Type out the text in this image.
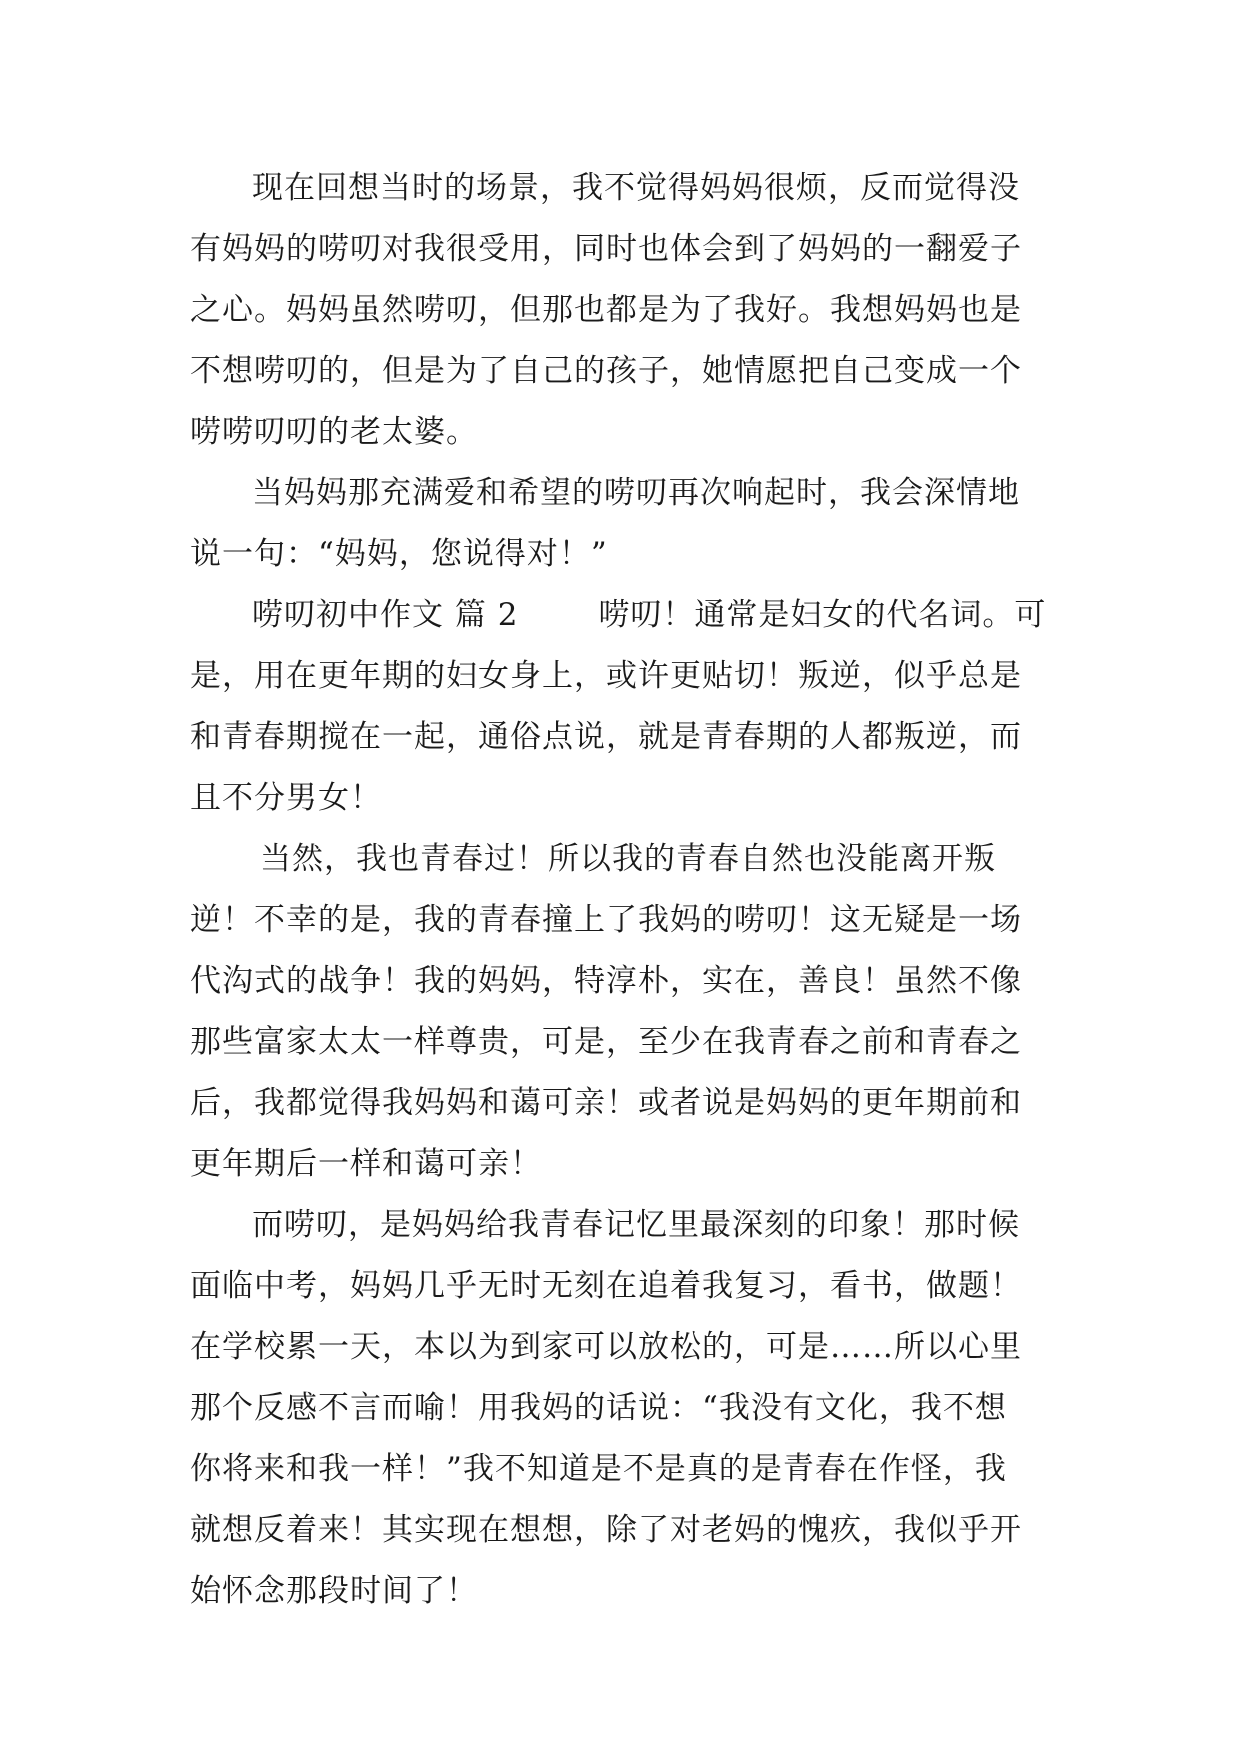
现在回想当时的场景，我不觉得妈妈很烦，反而觉得没
有妈妈的唠叨对我很受用，同时也体会到了妈妈的一翻爱子
之心。妈妈虽然唠叨，但那也都是为了我好。我想妈妈也是
不想唠叨的，但是为了自己的孩子，她情愿把自己变成一个
唠唠叨叨的老太婆。
当妈妈那充满爱和希望的唠叨再次响起时，我会深情地
说一句：“妈妈，您说得对！”
唠叨初中作文 篇 2	唠叨！通常是妇女的代名词。可
是，用在更年期的妇女身上，或许更贴切！叛逆，似乎总是
和青春期搅在一起，通俗点说，就是青春期的人都叛逆，而
且不分男女！
当然，我也青春过！所以我的青春自然也没能离开叛
逆！不幸的是，我的青春撞上了我妈的唠叨！这无疑是一场
代沟式的战争！我的妈妈，特淳朴，实在，善良！虽然不像
那些富家太太一样尊贵，可是，至少在我青春之前和青春之
后，我都觉得我妈妈和蔼可亲！或者说是妈妈的更年期前和
更年期后一样和蔼可亲！
而唠叨，是妈妈给我青春记忆里最深刻的印象！那时候
面临中考，妈妈几乎无时无刻在追着我复习，看书，做题！
在学校累一天，本以为到家可以放松的，可是……所以心里
那个反感不言而喻！用我妈的话说：“我没有文化，我不想
你将来和我一样！”我不知道是不是真的是青春在作怪，我
就想反着来！其实现在想想，除了对老妈的愧疚，我似乎开
始怀念那段时间了！
